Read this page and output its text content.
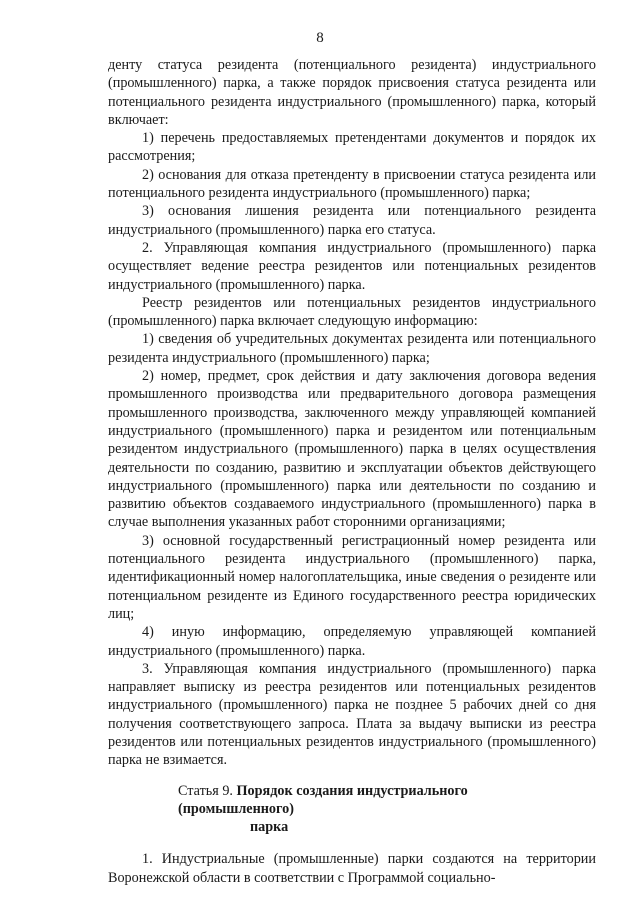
8

денту статуса резидента (потенциального резидента) индустриального (промышленного) парка, а также порядок присвоения статуса резидента или потенциального резидента индустриального (промышленного) парка, который включает:

1) перечень предоставляемых претендентами документов и порядок их рассмотрения;

2) основания для отказа претенденту в присвоении статуса резидента или потенциального резидента индустриального (промышленного) парка;

3) основания лишения резидента или потенциального резидента индустриального (промышленного) парка его статуса.

2. Управляющая компания индустриального (промышленного) парка осуществляет ведение реестра резидентов или потенциальных резидентов индустриального (промышленного) парка.

Реестр резидентов или потенциальных резидентов индустриального (промышленного) парка включает следующую информацию:

1) сведения об учредительных документах резидента или потенциального резидента индустриального (промышленного) парка;

2) номер, предмет, срок действия и дату заключения договора ведения промышленного производства или предварительного договора размещения промышленного производства, заключенного между управляющей компанией индустриального (промышленного) парка и резидентом или потенциальным резидентом индустриального (промышленного) парка в целях осуществления деятельности по созданию, развитию и эксплуатации объектов действующего индустриального (промышленного) парка или деятельности по созданию и развитию объектов создаваемого индустриального (промышленного) парка в случае выполнения указанных работ сторонними организациями;

3) основной государственный регистрационный номер резидента или потенциального резидента индустриального (промышленного) парка, идентификационный номер налогоплательщика, иные сведения о резиденте или потенциальном резиденте из Единого государственного реестра юридических лиц;

4) иную информацию, определяемую управляющей компанией индустриального (промышленного) парка.

3. Управляющая компания индустриального (промышленного) парка направляет выписку из реестра резидентов или потенциальных резидентов индустриального (промышленного) парка не позднее 5 рабочих дней со дня получения соответствующего запроса. Плата за выдачу выписки из реестра резидентов или потенциальных резидентов индустриального (промышленного) парка не взимается.

Статья 9. Порядок создания индустриального (промышленного)
парка

1. Индустриальные (промышленные) парки создаются на территории Воронежской области в соответствии с Программой социально-
